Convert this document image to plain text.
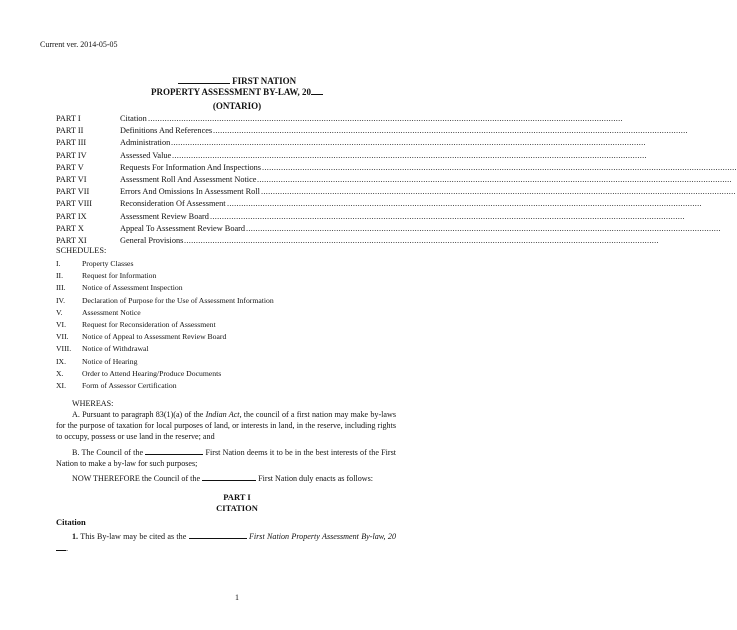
Current ver. 2014-05-05
FIRST NATION
PROPERTY ASSESSMENT BY-LAW, 20
(ONTARIO)
PART I	Citation ........................................................................................................................................................................................................
PART II	Definitions And References ........................................................................................................................................................................................................
PART III	Administration ........................................................................................................................................................................................................
PART IV	Assessed Value ........................................................................................................................................................................................................
PART V	Requests For Information And Inspections ........................................................................................................................................................................................................
PART VI	Assessment Roll And Assessment Notice ........................................................................................................................................................................................................
PART VII	Errors And Omissions In Assessment Roll ........................................................................................................................................................................................................
PART VIII	Reconsideration Of Assessment ........................................................................................................................................................................................................
PART IX	Assessment Review Board ........................................................................................................................................................................................................
PART X	Appeal To Assessment Review Board ........................................................................................................................................................................................................
PART XI	General Provisions ........................................................................................................................................................................................................
SCHEDULES:
I.	Property Classes
II. Request for Information
III. Notice of Assessment Inspection
IV. Declaration of Purpose for the Use of Assessment Information
V.	Assessment Notice
VI. Request for Reconsideration of Assessment
VII. Notice of Appeal to Assessment Review Board
VIII. Notice of Withdrawal
IX. Notice of Hearing
X. Order to Attend Hearing/Produce Documents
XI. Form of Assessor Certification
WHEREAS:
A. Pursuant to paragraph 83(1)(a) of the Indian Act, the council of a first nation may make by-laws for the purpose of taxation for local purposes of land, or interests in land, in the reserve, including rights to occupy, possess or use land in the reserve; and
B. The Council of the	First Nation deems it to be in the best interests of the First Nation to make a by-law for such purposes;
NOW THEREFORE the Council of the	First Nation duly enacts as follows:
PART I
CITATION
Citation
1. This By-law may be cited as the	First Nation Property Assessment By-law, 20.
1
